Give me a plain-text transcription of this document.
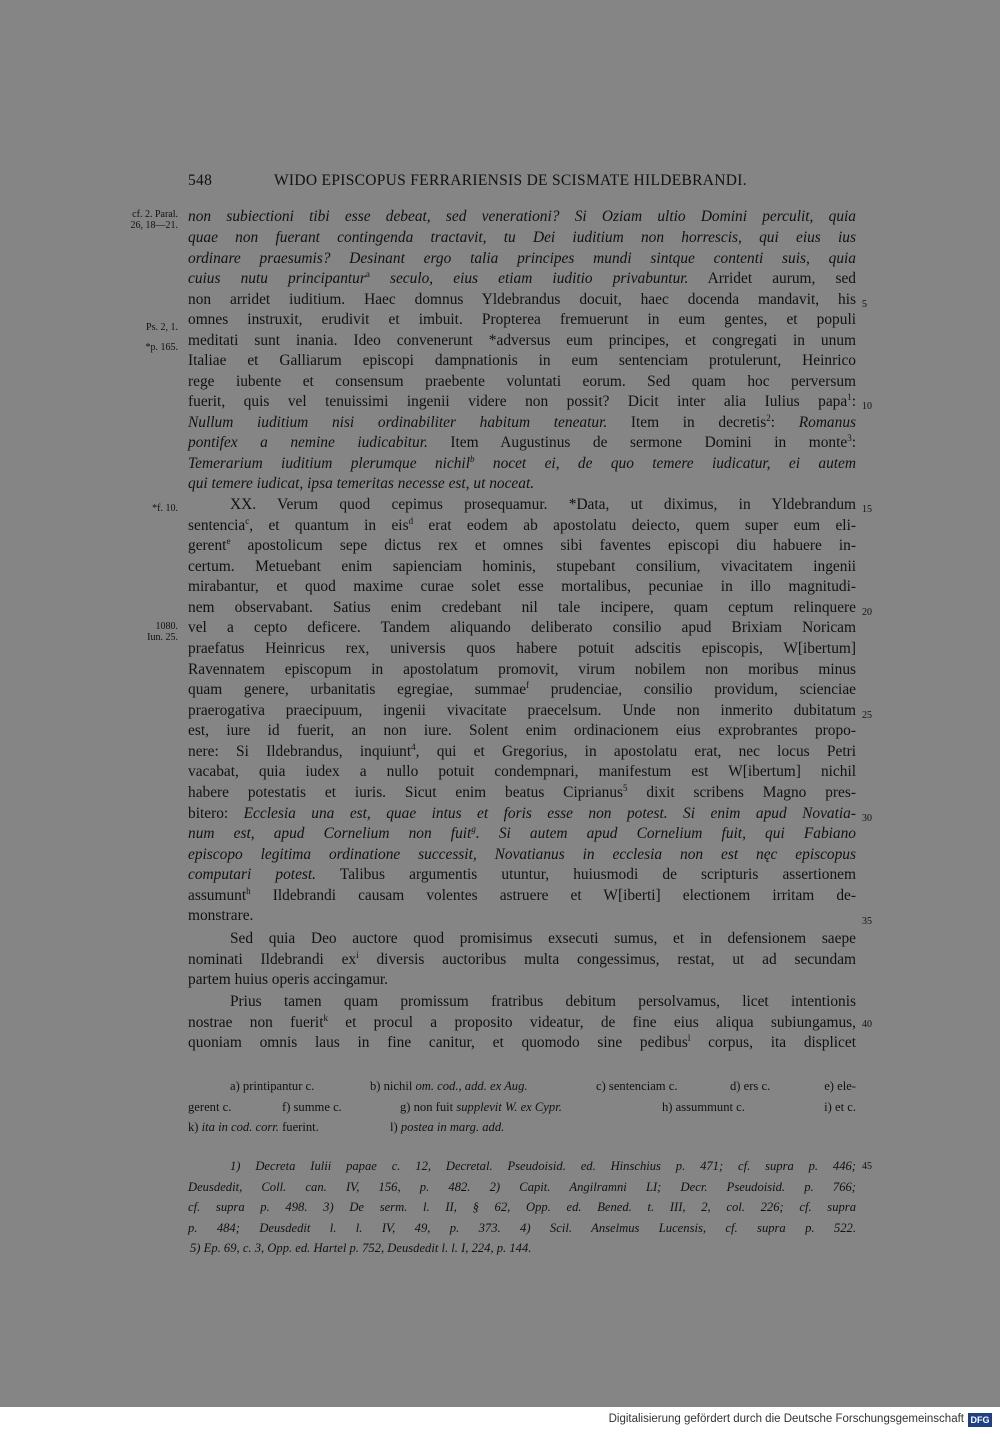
548	WIDO EPISCOPUS FERRARIENSIS DE SCISMATE HILDEBRANDI.
cf. 2. Paral.
26, 18—21.
Ps. 2, 1.
*p. 165.
*f. 10.
1080.
Iun. 25.
5
10
15
20
25
30
35
40
45
non subiectioni tibi esse debeat, sed venerationi? Si Oziam ultio Domini perculit, quia
quae non fuerant contingenda tractavit, tu Dei iuditium non horrescis, qui eius ius
ordinare praesumis? Desinant ergo talia principes mundi sintque contenti suis, quia
cuius nutu principantur$^a$ seculo, eius etiam iuditio privabuntur. Arridet aurum, sed
non arridet iuditium. Haec domnus Yldebrandus docuit, haec docenda mandavit, his
omnes instruxit, erudivit et imbuit. Propterea fremuerunt in eum gentes, et populi
meditati sunt inania. Ideo convenerunt *adversus eum principes, et congregati in unum
Italiae et Galliarum episcopi dampnationis in eum sentenciam protulerunt, Heinrico
rege iubente et consensum praebente voluntati eorum. Sed quam hoc perversum
fuerit, quis vel tenuissimi ingenii videre non possit? Dicit inter alia Iulius papa$^1$:
Nullum iuditium nisi ordinabiliter habitum teneatur. Item in decretis$^2$: Romanus
pontifex a nemine iudicabitur. Item Augustinus de sermone Domini in monte$^3$:
Temerarium iuditium plerumque nichil$^b$ nocet ei, de quo temere iudicatur, ei autem
qui temere iudicat, ipsa temeritas necesse est, ut noceat.
XX. Verum quod cepimus prosequamur. *Data, ut diximus, in Yldebrandum
sentencia$^c$, et quantum in eis$^d$ erat eodem ab apostolatu deiecto, quem super eum eli-
gerent$^e$ apostolicum sepe dictus rex et omnes sibi faventes episcopi diu habuere in-
certum. Metuebant enim sapienciam hominis, stupebant consilium, vivacitatem ingenii
mirabantur, et quod maxime curae solet esse mortalibus, pecuniae in illo magnitudi-
nem observabant. Satius enim credebant nil tale incipere, quam ceptum relinquere
vel a cepto deficere. Tandem aliquando deliberato consilio apud Brixiam Noricam
praefatus Heinricus rex, universis quos habere potuit adscitis episcopis, W[ibertum]
Ravennatem episcopum in apostolatum promovit, virum nobilem non moribus minus
quam genere, urbanitatis egregiae, summae$^f$ prudenciae, consilio providum, scienciae
praerogativa praecipuum, ingenii vivacitate praecelsum. Unde non inmerito dubitatum
est, iure id fuerit, an non iure. Solent enim ordinacionem eius exprobrantes propo-
nere: Si Ildebrandus, inquiunt$^4$, qui et Gregorius, in apostolatu erat, nec locus Petri
vacabat, quia iudex a nullo potuit condempnari, manifestum est W[ibertum] nichil
habere potestatis et iuris. Sicut enim beatus Ciprianus$^5$ dixit scribens Magno pres-
bitero: Ecclesia una est, quae intus et foris esse non potest. Si enim apud Novatia-
num est, apud Cornelium non fuit$^g$. Si autem apud Cornelium fuit, qui Fabiano
episcopo legitima ordinatione successit, Novatianus in ecclesia non est nęc episcopus
computari potest. Talibus argumentis utuntur, huiusmodi de scripturis assertionem
assumunt$^h$ Ildebrandi causam volentes astruere et W[iberti] electionem irritam de-
monstrare.
Sed quia Deo auctore quod promisimus exsecuti sumus, et in defensionem saepe
nominati Ildebrandi $ex^i$ diversis auctoribus multa congessimus, restat, ut ad secundam
partem huius operis accingamur.
Prius tamen quam promissum fratribus debitum persolvamus, licet intentionis
nostrae non fuerit$^k$ et procul a proposito videatur, de fine eius aliqua subiungamus,
quoniam omnis laus in fine canitur, et quomodo sine pedibus$^l$ corpus, ita displicet
a) printipantur c.	b) nichil om. cod., add. ex Aug.	c) sentenciam c.	d) ers c.	e) ele-
gerent c.	f) summe c.	g) non fuit supplevit W. ex Cypr.	h) assummunt c.	i) et c.
k) ita in cod. corr. fuerint.	l) postea in marg. add.
1) Decreta Iulii papae c. 12, Decretal. Pseudoisid. ed. Hinschius p. 471; cf. supra p. 446;
Deusdedit, Coll. can. IV, 156, p. 482. 2) Capit. Angilramni LI; Decr. Pseudoisid. p. 766;
cf. supra p. 498. 3) De serm. l. II, § 62, Opp. ed. Bened. t. III, 2, col. 226; cf. supra
p. 484; Deusdedit l. l. IV, 49, p. 373. 4) Scil. Anselmus Lucensis, cf. supra p. 522.
5) Ep. 69, c. 3, Opp. ed. Hartel p. 752, Deusdedit l. l. I, 224, p. 144.
Digitalisierung gefördert durch die Deutsche Forschungsgemeinschaft DFG
